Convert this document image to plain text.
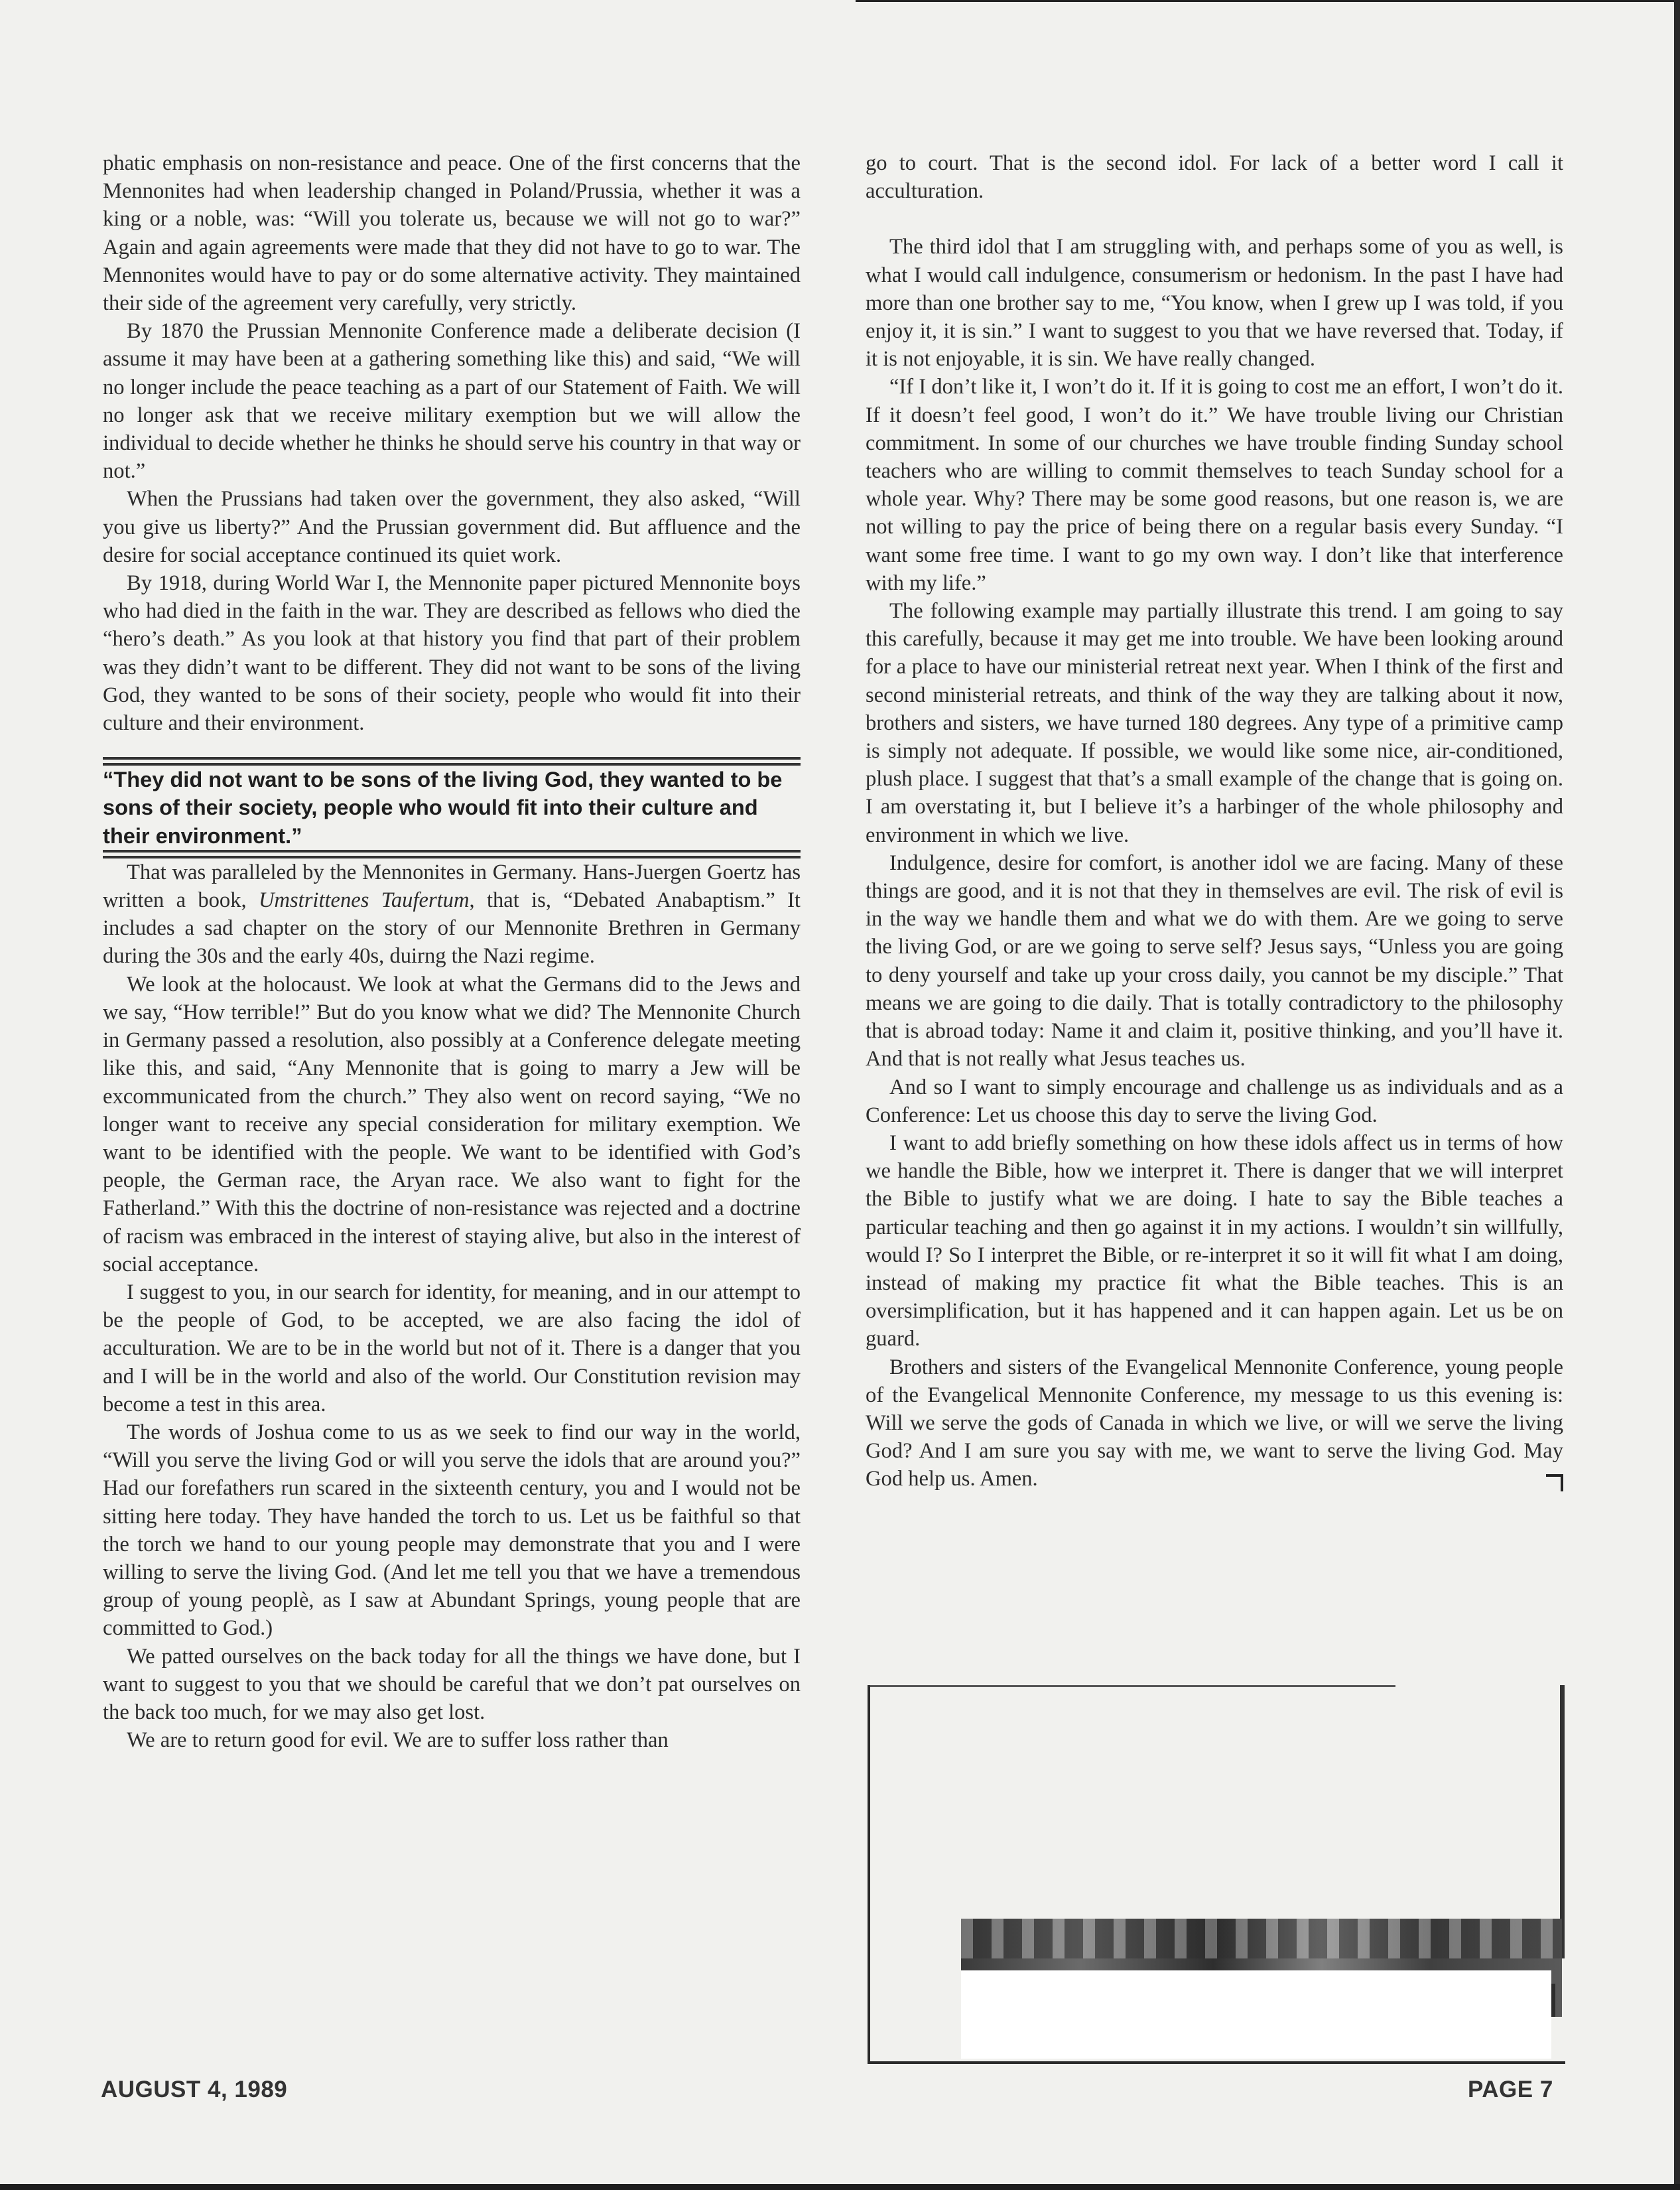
phatic emphasis on non-resistance and peace. One of the first concerns that the Mennonites had when leadership changed in Poland/Prussia, whether it was a king or a noble, was: “Will you tolerate us, because we will not go to war?” Again and again agreements were made that they did not have to go to war. The Mennonites would have to pay or do some alternative activity. They maintained their side of the agreement very carefully, very strictly.

By 1870 the Prussian Mennonite Conference made a deliberate decision (I assume it may have been at a gathering something like this) and said, “We will no longer include the peace teaching as a part of our Statement of Faith. We will no longer ask that we receive military exemption but we will allow the individual to decide whether he thinks he should serve his country in that way or not.”

When the Prussians had taken over the government, they also asked, “Will you give us liberty?” And the Prussian government did. But affluence and the desire for social acceptance continued its quiet work.

By 1918, during World War I, the Mennonite paper pictured Mennonite boys who had died in the faith in the war. They are described as fellows who died the “hero’s death.” As you look at that history you find that part of their problem was they didn’t want to be different. They did not want to be sons of the living God, they wanted to be sons of their society, people who would fit into their culture and their environment.

“They did not want to be sons of the living God, they wanted to be sons of their society, people who would fit into their culture and their environment.”

That was paralleled by the Mennonites in Germany. Hans-Juergen Goertz has written a book, Umstrittenes Taufertum, that is, “Debated Anabaptism.” It includes a sad chapter on the story of our Mennonite Brethren in Germany during the 30s and the early 40s, duirng the Nazi regime.

We look at the holocaust. We look at what the Germans did to the Jews and we say, “How terrible!” But do you know what we did? The Mennonite Church in Germany passed a resolution, also possibly at a Conference delegate meeting like this, and said, “Any Mennonite that is going to marry a Jew will be excommunicated from the church.” They also went on record saying, “We no longer want to receive any special consideration for military exemption. We want to be identified with the people. We want to be identified with God’s people, the German race, the Aryan race. We also want to fight for the Fatherland.” With this the doctrine of non-resistance was rejected and a doctrine of racism was embraced in the interest of staying alive, but also in the interest of social acceptance.

I suggest to you, in our search for identity, for meaning, and in our attempt to be the people of God, to be accepted, we are also facing the idol of acculturation. We are to be in the world but not of it. There is a danger that you and I will be in the world and also of the world. Our Constitution revision may become a test in this area.

The words of Joshua come to us as we seek to find our way in the world, “Will you serve the living God or will you serve the idols that are around you?” Had our forefathers run scared in the sixteenth century, you and I would not be sitting here today. They have handed the torch to us. Let us be faithful so that the torch we hand to our young people may demonstrate that you and I were willing to serve the living God. (And let me tell you that we have a tremendous group of young peoplè, as I saw at Abundant Springs, young people that are committed to God.)

We patted ourselves on the back today for all the things we have done, but I want to suggest to you that we should be careful that we don’t pat ourselves on the back too much, for we may also get lost.

We are to return good for evil. We are to suffer loss rather than

go to court. That is the second idol. For lack of a better word I call it acculturation.

The third idol that I am struggling with, and perhaps some of you as well, is what I would call indulgence, consumerism or hedonism. In the past I have had more than one brother say to me, “You know, when I grew up I was told, if you enjoy it, it is sin.” I want to suggest to you that we have reversed that. Today, if it is not enjoyable, it is sin. We have really changed.

“If I don’t like it, I won’t do it. If it is going to cost me an effort, I won’t do it. If it doesn’t feel good, I won’t do it.” We have trouble living our Christian commitment. In some of our churches we have trouble finding Sunday school teachers who are willing to commit themselves to teach Sunday school for a whole year. Why? There may be some good reasons, but one reason is, we are not willing to pay the price of being there on a regular basis every Sunday. “I want some free time. I want to go my own way. I don’t like that interference with my life.”

The following example may partially illustrate this trend. I am going to say this carefully, because it may get me into trouble. We have been looking around for a place to have our ministerial retreat next year. When I think of the first and second ministerial retreats, and think of the way they are talking about it now, brothers and sisters, we have turned 180 degrees. Any type of a primitive camp is simply not adequate. If possible, we would like some nice, air-conditioned, plush place. I suggest that that’s a small example of the change that is going on. I am overstating it, but I believe it’s a harbinger of the whole philosophy and environment in which we live.

Indulgence, desire for comfort, is another idol we are facing. Many of these things are good, and it is not that they in themselves are evil. The risk of evil is in the way we handle them and what we do with them. Are we going to serve the living God, or are we going to serve self? Jesus says, “Unless you are going to deny yourself and take up your cross daily, you cannot be my disciple.” That means we are going to die daily. That is totally contradictory to the philosophy that is abroad today: Name it and claim it, positive thinking, and you’ll have it. And that is not really what Jesus teaches us.

And so I want to simply encourage and challenge us as individuals and as a Conference: Let us choose this day to serve the living God.

I want to add briefly something on how these idols affect us in terms of how we handle the Bible, how we interpret it. There is danger that we will interpret the Bible to justify what we are doing. I hate to say the Bible teaches a particular teaching and then go against it in my actions. I wouldn’t sin willfully, would I? So I interpret the Bible, or re-interpret it so it will fit what I am doing, instead of making my practice fit what the Bible teaches. This is an oversimplification, but it has happened and it can happen again. Let us be on guard.

Brothers and sisters of the Evangelical Mennonite Conference, young people of the Evangelical Mennonite Conference, my message to us this evening is: Will we serve the gods of Canada in which we live, or will we serve the living God? And I am sure you say with me, we want to serve the living God. May God help us. Amen.

AUGUST 4, 1989	PAGE 7
